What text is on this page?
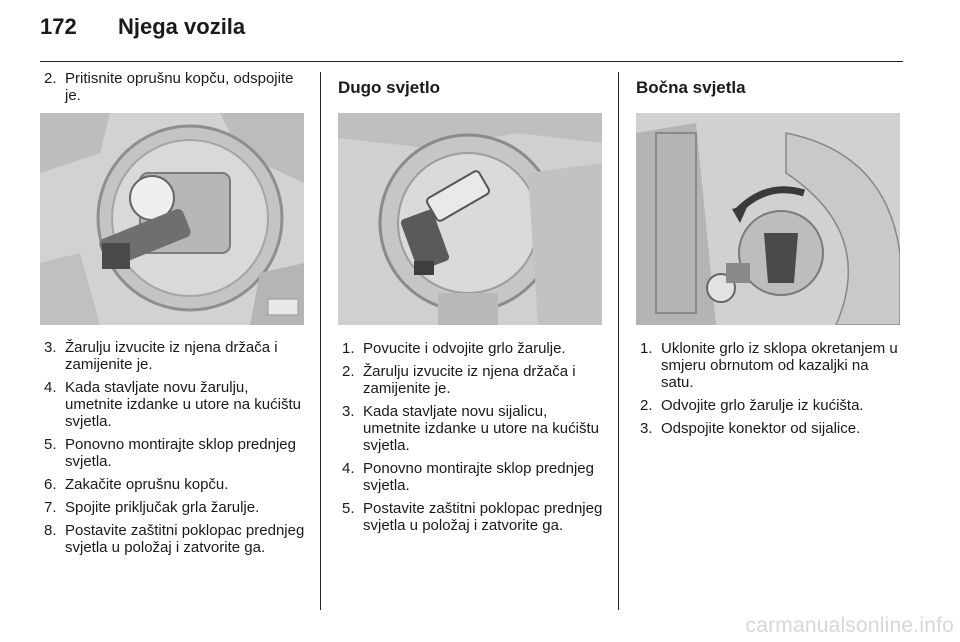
172 Njega vozila
2. Pritisnite oprušnu kopču, odspojite je.
3. Žarulju izvucite iz njena držača i zamijenite je.
4. Kada stavljate novu žarulju, umetnite izdanke u utore na kućištu svjetla.
5. Ponovno montirajte sklop prednjeg svjetla.
6. Zakačite oprušnu kopču.
7. Spojite priključak grla žarulje.
8. Postavite zaštitni poklopac prednjeg svjetla u položaj i zatvorite ga.
Dugo svjetlo
1. Povucite i odvojite grlo žarulje.
2. Žarulju izvucite iz njena držača i zamijenite je.
3. Kada stavljate novu sijalicu, umetnite izdanke u utore na kućištu svjetla.
4. Ponovno montirajte sklop prednjeg svjetla.
5. Postavite zaštitni poklopac prednjeg svjetla u položaj i zatvorite ga.
Bočna svjetla
1. Uklonite grlo iz sklopa okretanjem u smjeru obrnutom od kazaljki na satu.
2. Odvojite grlo žarulje iz kućišta.
3. Odspojite konektor od sijalice.
carmanualsonline.info
